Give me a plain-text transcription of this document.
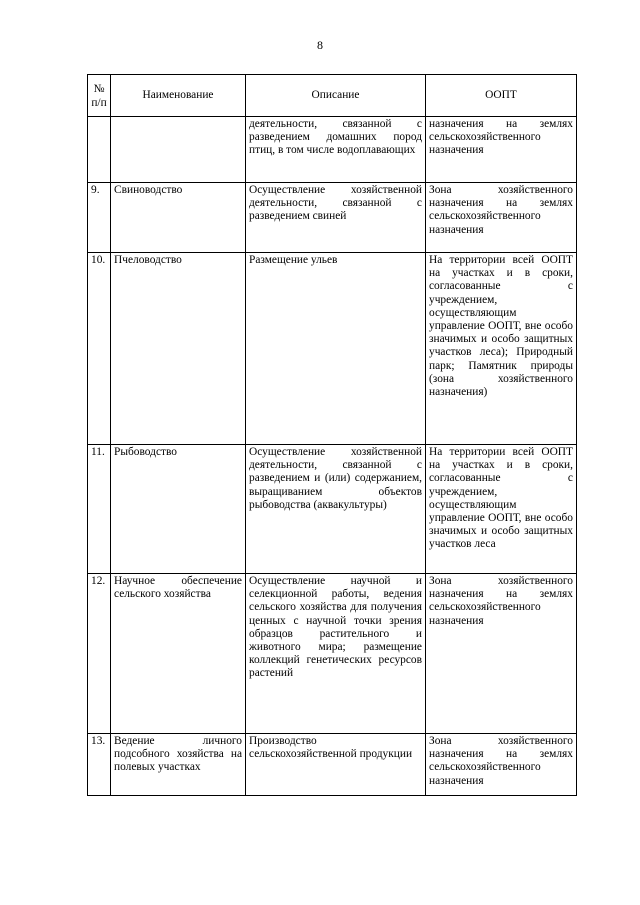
8
№ п/п	Наименование	Описание	ООПТ
		деятельности, связанной с разведением домашних пород птиц, в том числе водоплавающих	назначения на землях сельскохозяйственного назначения
9.	Свиноводство	Осуществление хозяйственной деятельности, связанной с разведением свиней	Зона хозяйственного назначения на землях сельскохозяйственного назначения
10.	Пчеловодство	Размещение ульев	На территории всей ООПТ на участках и в сроки, согласованные с учреждением, осуществляющим управление ООПТ, вне особо значимых и особо защитных участков леса); Природный парк; Памятник природы (зона хозяйственного назначения)
11.	Рыбоводство	Осуществление хозяйственной деятельности, связанной с разведением и (или) содержанием, выращиванием объектов рыбоводства (аквакультуры)	На территории всей ООПТ на участках и в сроки, согласованные с учреждением, осуществляющим управление ООПТ, вне особо значимых и особо защитных участков леса
12.	Научное обеспечение сельского хозяйства	Осуществление научной и селекционной работы, ведения сельского хозяйства для получения ценных с научной точки зрения образцов растительного и животного мира; размещение коллекций генетических ресурсов растений	Зона хозяйственного назначения на землях сельскохозяйственного назначения
13.	Ведение личного подсобного хозяйства на полевых участках	Производство сельскохозяйственной продукции	Зона хозяйственного назначения на землях сельскохозяйственного назначения
